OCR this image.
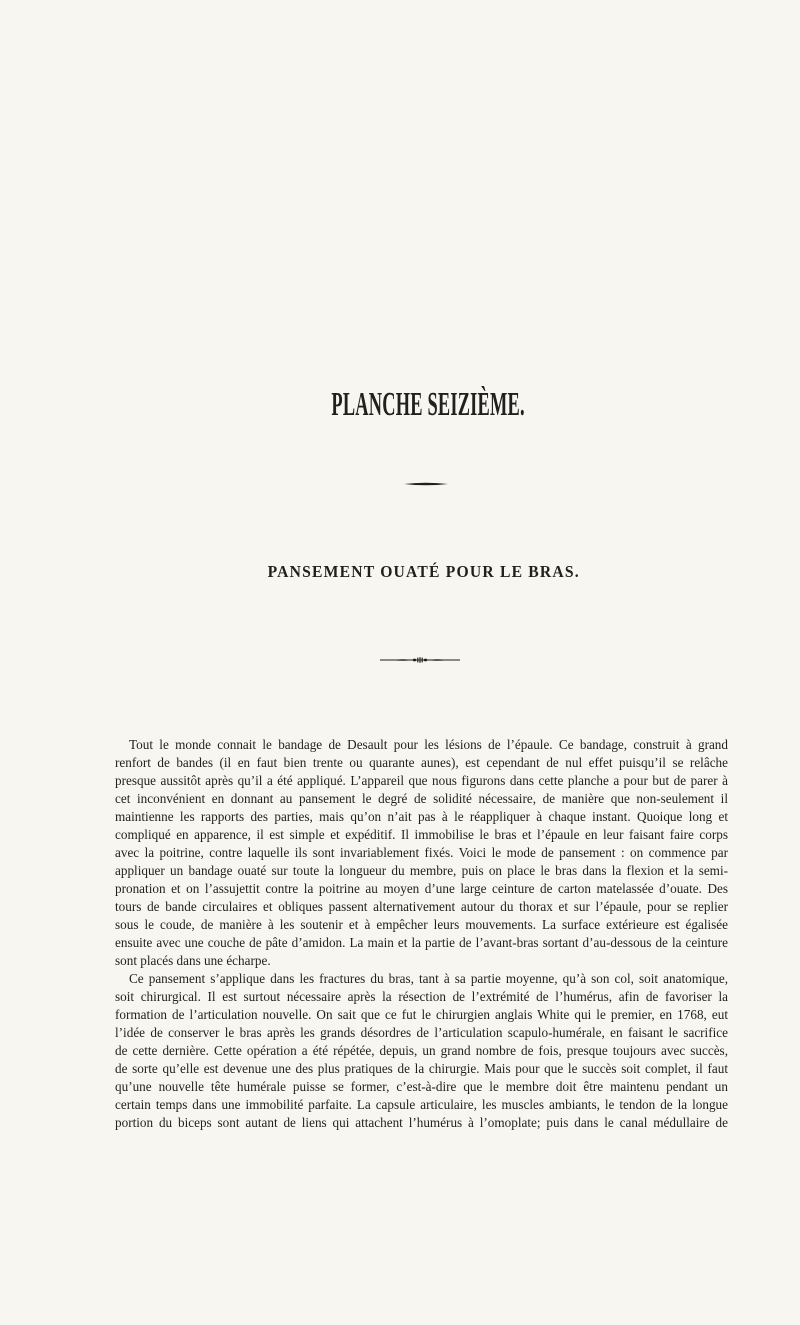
PLANCHE SEIZIÈME.
PANSEMENT OUATÉ POUR LE BRAS.
Tout le monde connait le bandage de Desault pour les lésions de l’épaule. Ce bandage, construit à grand
renfort de bandes (il en faut bien trente ou quarante aunes), est cependant de nul effet puisqu’il se relâche
presque aussitôt après qu’il a été appliqué. L’appareil que nous figurons dans cette planche a pour but de parer à
cet inconvénient en donnant au pansement le degré de solidité nécessaire, de manière que non-seulement il
maintienne les rapports des parties, mais qu’on n’ait pas à le réappliquer à chaque instant. Quoique long et
compliqué en apparence, il est simple et expéditif. Il immobilise le bras et l’épaule en leur faisant faire corps
avec la poitrine, contre laquelle ils sont invariablement fixés. Voici le mode de pansement : on commence par
appliquer un bandage ouaté sur toute la longueur du membre, puis on place le bras dans la flexion et la semi-
pronation et on l’assujettit contre la poitrine au moyen d’une large ceinture de carton matelassée d’ouate. Des
tours de bande circulaires et obliques passent alternativement autour du thorax et sur l’épaule, pour se replier
sous le coude, de manière à les soutenir et à empêcher leurs mouvements. La surface extérieure est égalisée
ensuite avec une couche de pâte d’amidon. La main et la partie de l’avant-bras sortant d’au-dessous de la ceinture
sont placés dans une écharpe.
Ce pansement s’applique dans les fractures du bras, tant à sa partie moyenne, qu’à son col, soit anatomique,
soit chirurgical. Il est surtout nécessaire après la résection de l’extrémité de l’humérus, afin de favoriser la
formation de l’articulation nouvelle. On sait que ce fut le chirurgien anglais White qui le premier, en 1768, eut
l’idée de conserver le bras après les grands désordres de l’articulation scapulo-humérale, en faisant le sacrifice
de cette dernière. Cette opération a été répétée, depuis, un grand nombre de fois, presque toujours avec succès,
de sorte qu’elle est devenue une des plus pratiques de la chirurgie. Mais pour que le succès soit complet, il faut
qu’une nouvelle tête humérale puisse se former, c’est-à-dire que le membre doit être maintenu pendant un
certain temps dans une immobilité parfaite. La capsule articulaire, les muscles ambiants, le tendon de la longue
portion du biceps sont autant de liens qui attachent l’humérus à l’omoplate; puis dans le canal médullaire de
